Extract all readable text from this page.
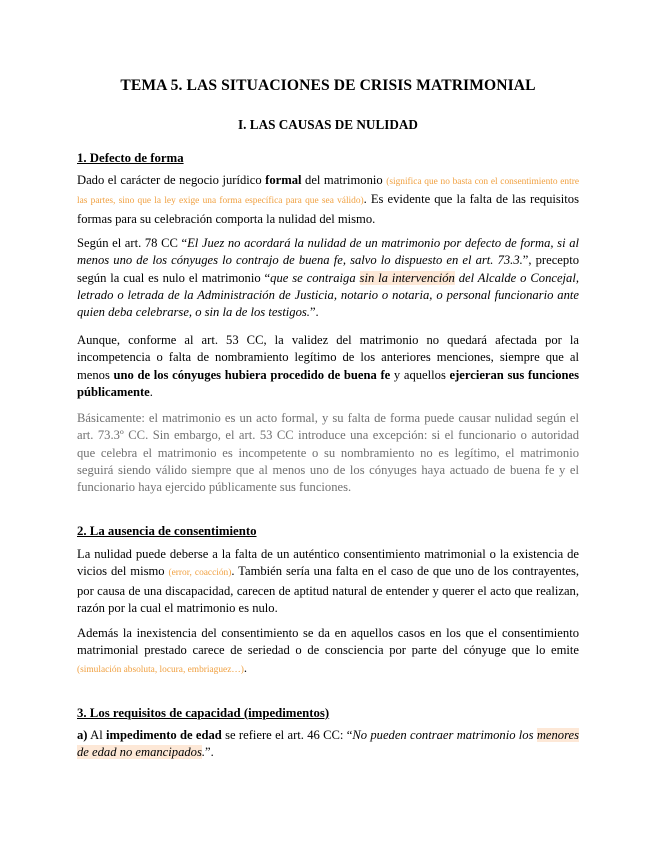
TEMA 5. LAS SITUACIONES DE CRISIS MATRIMONIAL
I. LAS CAUSAS DE NULIDAD
1. Defecto de forma
Dado el carácter de negocio jurídico formal del matrimonio (significa que no basta con el consentimiento entre las partes, sino que la ley exige una forma específica para que sea válido). Es evidente que la falta de las requisitos formas para su celebración comporta la nulidad del mismo.
Según el art. 78 CC “El Juez no acordará la nulidad de un matrimonio por defecto de forma, si al menos uno de los cónyuges lo contrajo de buena fe, salvo lo dispuesto en el art. 73.3.”, precepto según la cual es nulo el matrimonio “que se contraiga sin la intervención del Alcalde o Concejal, letrado o letrada de la Administración de Justicia, notario o notaria, o personal funcionario ante quien deba celebrarse, o sin la de los testigos.”.
Aunque, conforme al art. 53 CC, la validez del matrimonio no quedará afectada por la incompetencia o falta de nombramiento legítimo de los anteriores menciones, siempre que al menos uno de los cónyuges hubiera procedido de buena fe y aquellos ejercieran sus funciones públicamente.
Básicamente: el matrimonio es un acto formal, y su falta de forma puede causar nulidad según el art. 73.3º CC. Sin embargo, el art. 53 CC introduce una excepción: si el funcionario o autoridad que celebra el matrimonio es incompetente o su nombramiento no es legítimo, el matrimonio seguirá siendo válido siempre que al menos uno de los cónyuges haya actuado de buena fe y el funcionario haya ejercido públicamente sus funciones.
2. La ausencia de consentimiento
La nulidad puede deberse a la falta de un auténtico consentimiento matrimonial o la existencia de vicios del mismo (error, coacción). También sería una falta en el caso de que uno de los contrayentes, por causa de una discapacidad, carecen de aptitud natural de entender y querer el acto que realizan, razón por la cual el matrimonio es nulo.
Además la inexistencia del consentimiento se da en aquellos casos en los que el consentimiento matrimonial prestado carece de seriedad o de consciencia por parte del cónyuge que lo emite (simulación absoluta, locura, embriaguez…).
3. Los requisitos de capacidad (impedimentos)
a) Al impedimento de edad se refiere el art. 46 CC: “No pueden contraer matrimonio los menores de edad no emancipados.”.
